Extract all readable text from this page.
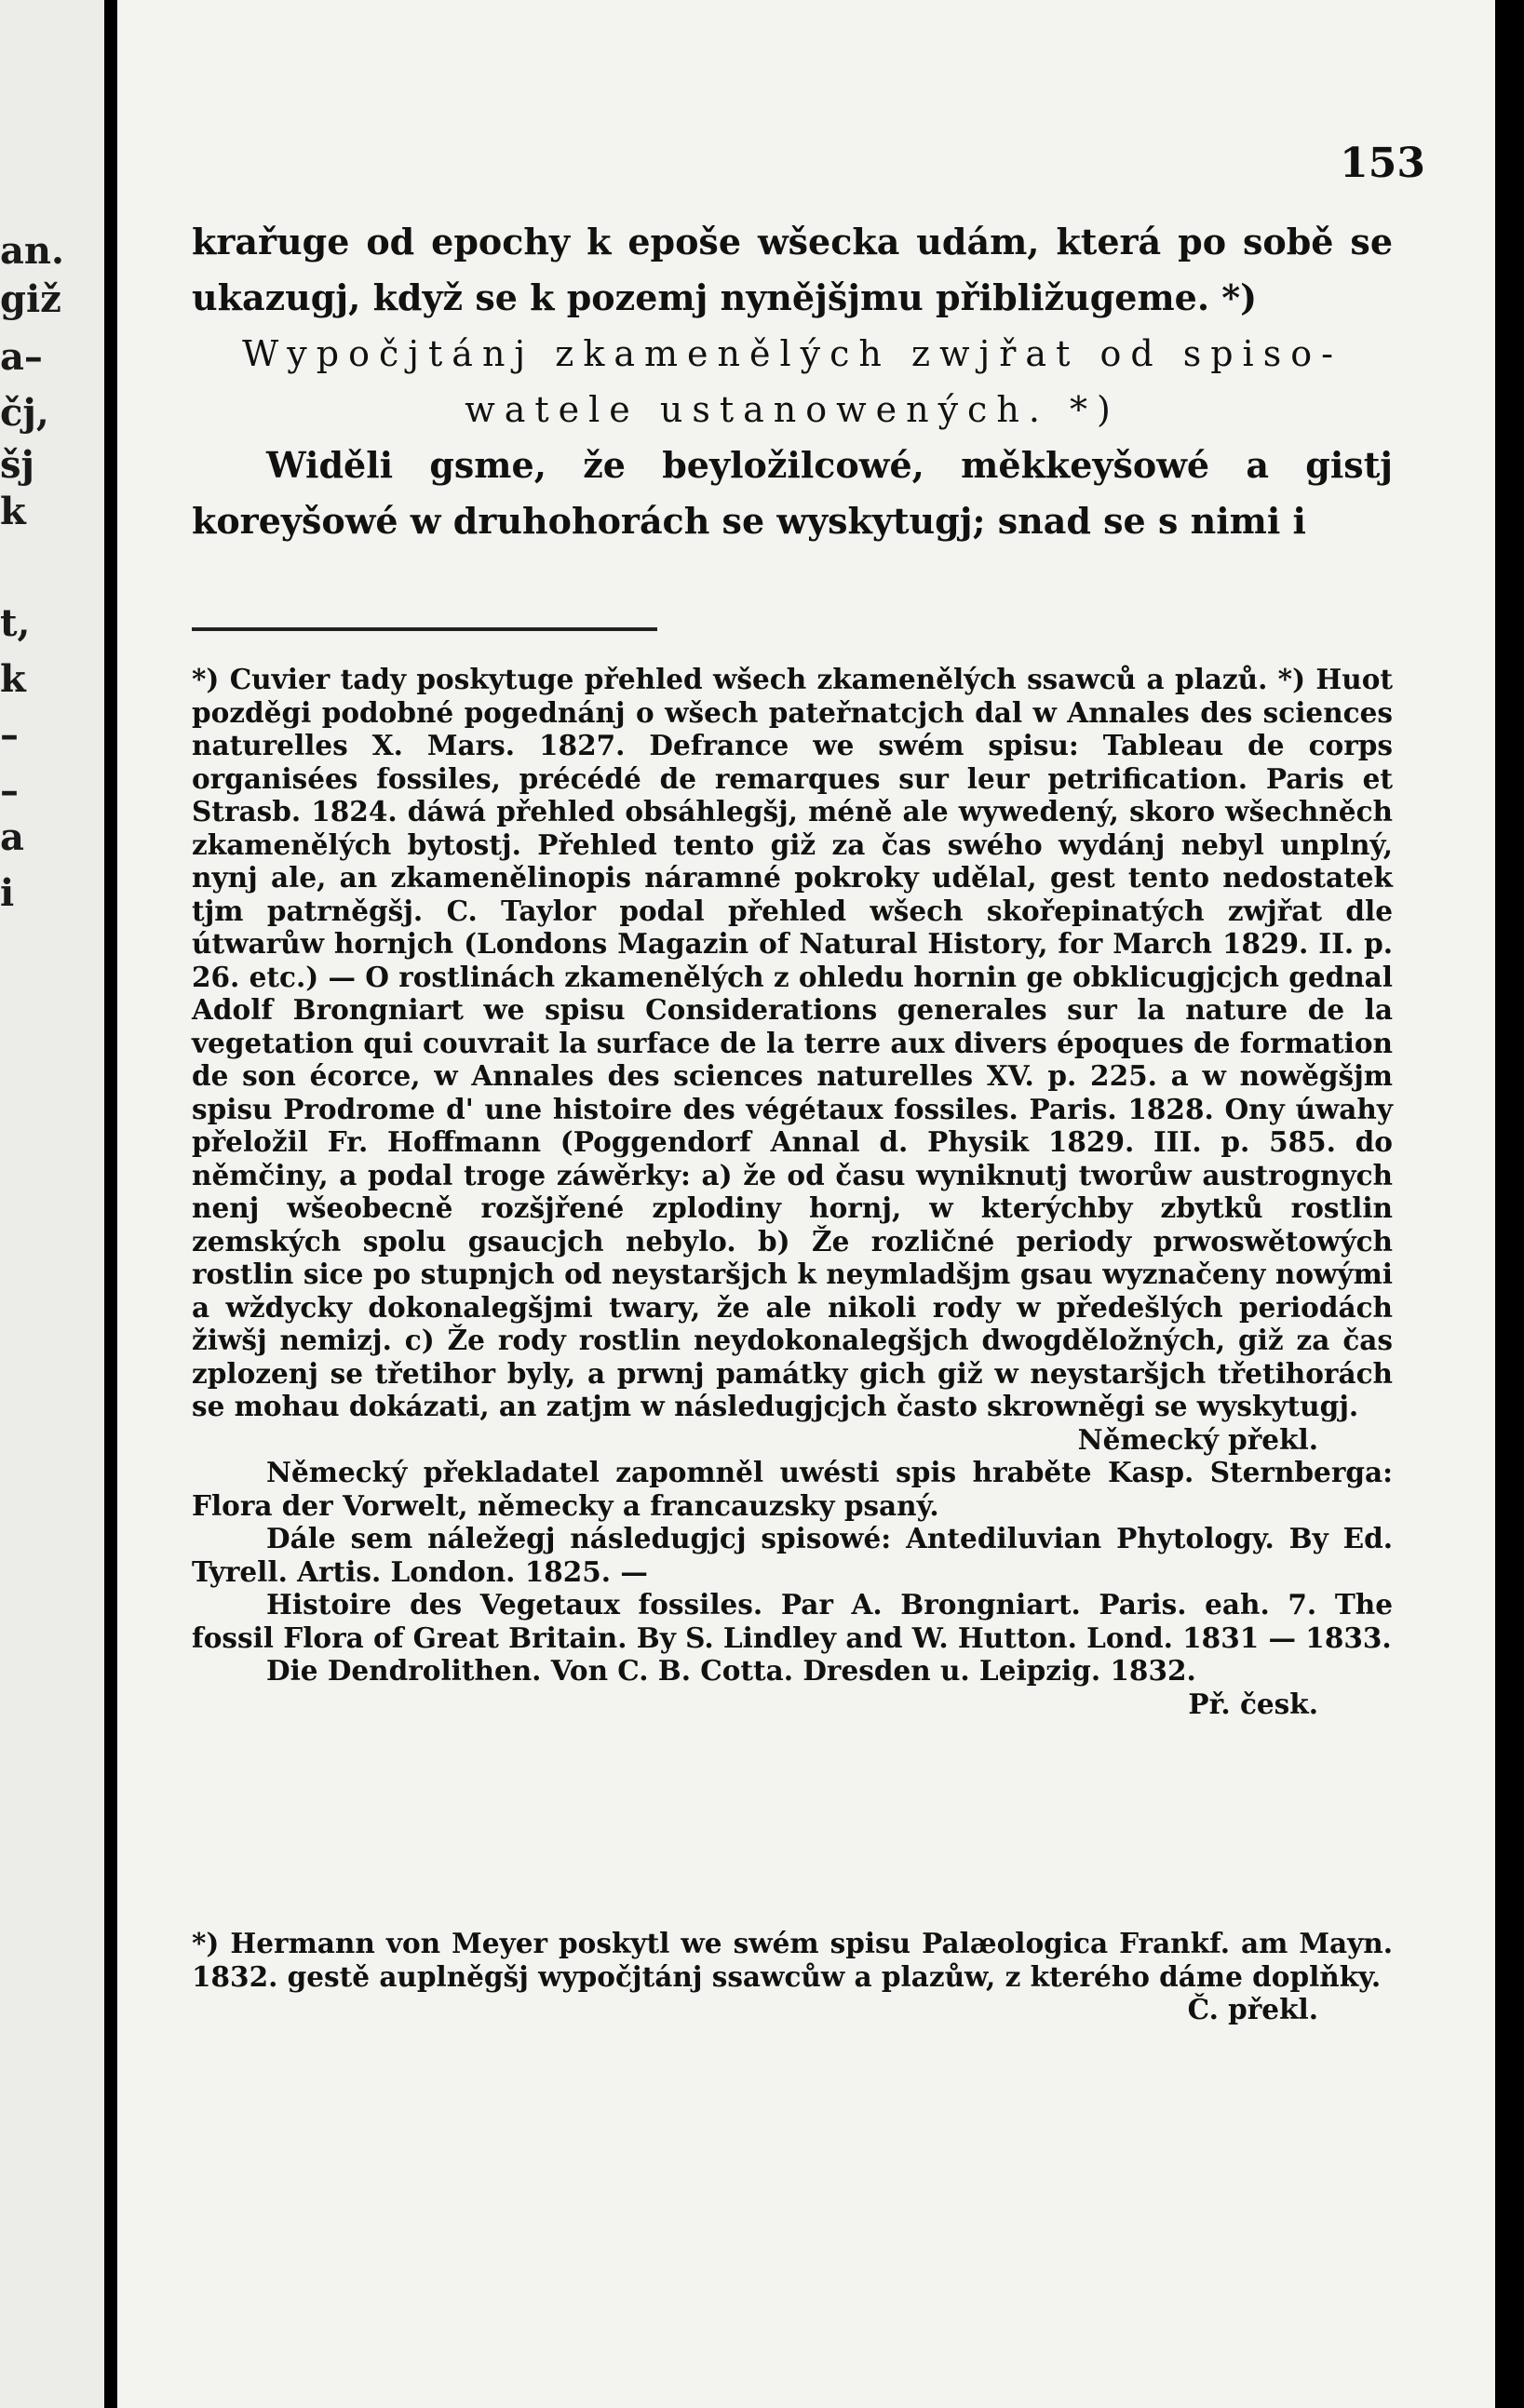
an.
giž
a–
čj,
šj
k
t,
k
–
–
a
i
153

krařuge od epochy k epoše wšecka udám, která po sobě se ukazugj, když se k pozemj nynějšjmu přibližugeme. *)

Wypočjtánj zkamenělých zwjřat od spiso-

watele ustanowených. *)

Widěli gsme, že beyložilcowé, měkkeyšowé a gistj koreyšowé w druhohorách se wyskytugj; snad se s nimi i

*) Cuvier tady poskytuge přehled wšech zkamenělých ssawců a plazů. *) Huot pozděgi podobné pogednánj o wšech pateřnatcjch dal w Annales des sciences naturelles X. Mars. 1827. Defrance we swém spisu: Tableau de corps organisées fossiles, précédé de remarques sur leur petrification. Paris et Strasb. 1824. dáwá přehled obsáhlegšj, méně ale wywedený, skoro wšechněch zkamenělých bytostj. Přehled tento giž za čas swého wydánj nebyl unplný, nynj ale, an zkamenělinopis náramné pokroky udělal, gest tento nedostatek tjm patrněgšj. C. Taylor podal přehled wšech skořepinatých zwjřat dle útwarůw hornjch (Londons Magazin of Natural History, for March 1829. II. p. 26. etc.) — O rostlinách zkamenělých z ohledu hornin ge obklicugjcjch gednal Adolf Brongniart we spisu Considerations generales sur la nature de la vegetation qui couvrait la surface de la terre aux divers époques de formation de son écorce, w Annales des sciences naturelles XV. p. 225. a w nowěgšjm spisu Prodrome d' une histoire des végétaux fossiles. Paris. 1828. Ony úwahy přeložil Fr. Hoffmann (Poggendorf Annal d. Physik 1829. III. p. 585. do němčiny, a podal troge záwěrky: a) že od času wyniknutj tworůw austrognych nenj wšeobecně rozšjřené zplodiny hornj, w kterýchby zbytků rostlin zemských spolu gsaucjch nebylo. b) Že rozličné periody prwoswětowých rostlin sice po stupnjch od neystaršjch k neymladšjm gsau wyznačeny nowými a wždycky dokonalegšjmi twary, že ale nikoli rody w předešlých periodách žiwšj nemizj. c) Že rody rostlin neydokonalegšjch dwogděložných, giž za čas zplozenj se třetihor byly, a prwnj památky gich giž w neystaršjch třetihorách se mohau dokázati, an zatjm w následugjcjch často skrowněgi se wyskytugj.

Německý překl.

Německý překladatel zapomněl uwésti spis hraběte Kasp. Sternberga: Flora der Vorwelt, německy a francauzsky psaný.

Dále sem náležegj následugjcj spisowé: Antediluvian Phytology. By Ed. Tyrell. Artis. London. 1825. —

Histoire des Vegetaux fossiles. Par A. Brongniart. Paris. eah. 7. The fossil Flora of Great Britain. By S. Lindley and W. Hutton. Lond. 1831 — 1833.

Die Dendrolithen. Von C. B. Cotta. Dresden u. Leipzig. 1832.

Př. česk.

*) Hermann von Meyer poskytl we swém spisu Palæologica Frankf. am Mayn. 1832. gestě auplněgšj wypočjtánj ssawcůw a plazůw, z kterého dáme doplňky.

Č. překl.
